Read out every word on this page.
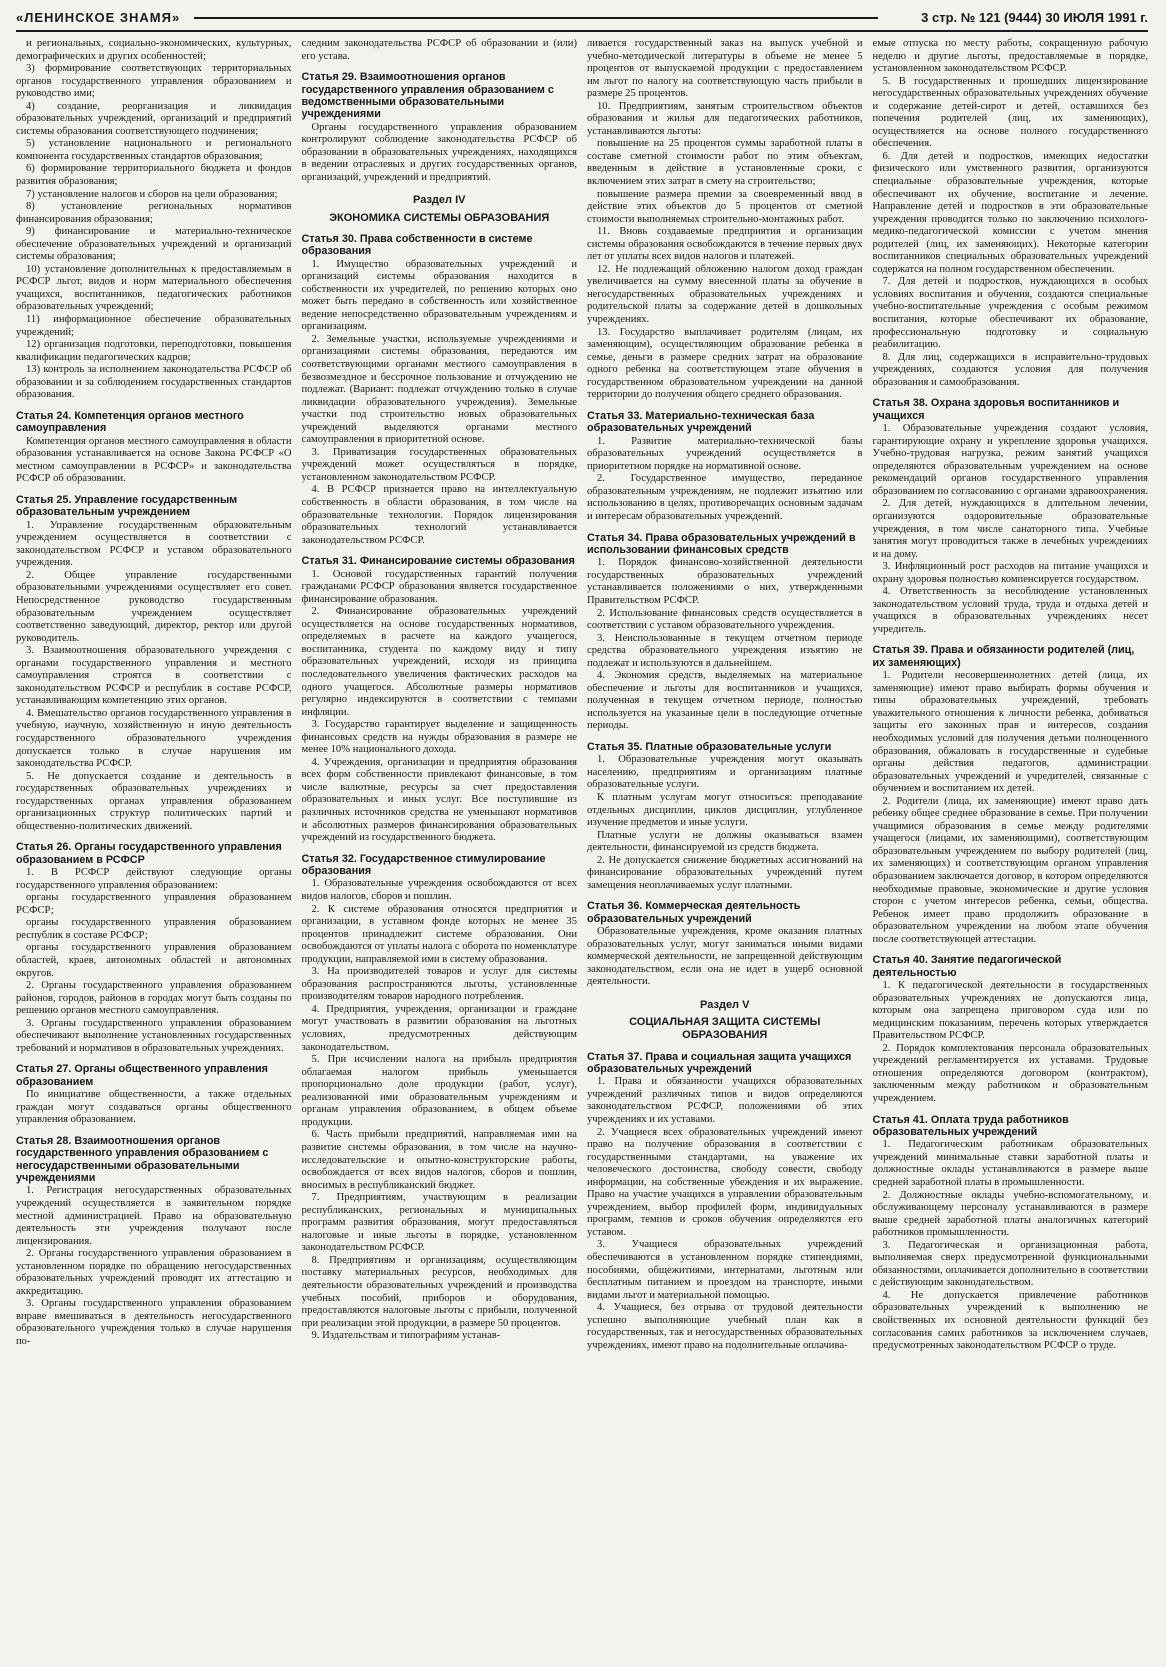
«ЛЕНИНСКОЕ ЗНАМЯ»	3 стр. № 121 (9444) 30 ИЮЛЯ 1991 г.

и региональных, социально-экономических, культурных, демографических и других особенностей;

3) формирование соответствующих территориальных органов государственного управления образованием и руководство ими;

4) создание, реорганизация и ликвидация образовательных учреждений, организаций и предприятий системы образования соответствующего подчинения;

5) установление национального и регионального компонента государственных стандартов образования;

6) формирование территориального бюджета и фондов развития образования;

7) установление налогов и сборов на цели образования;

8) установление региональных нормативов финансирования образования;

9) финансирование и материально-техническое обеспечение образовательных учреждений и организаций системы образования;

10) установление дополнительных к предоставляемым в РСФСР льгот, видов и норм материального обеспечения учащихся, воспитанников, педагогических работников образовательных учреждений;

11) информационное обеспечение образовательных учреждений;

12) организация подготовки, переподготовки, повышения квалификации педагогических кадров;

13) контроль за исполнением законодательства РСФСР об образовании и за соблюдением государственных стандартов образования.

Статья 24. Компетенция органов местного самоуправления

Компетенция органов местного самоуправления в области образования устанавливается на основе Закона РСФСР «О местном самоуправлении в РСФСР» и законодательства РСФСР об образовании.

Статья 25. Управление государственным образовательным учреждением

1. Управление государственным образовательным учреждением осуществляется в соответствии с законодательством РСФСР и уставом образовательного учреждения.

2. Общее управление государственными образовательными учреждениями осуществляет его совет. Непосредственное руководство государственным образовательным учреждением осуществляет соответственно заведующий, директор, ректор или другой руководитель.

3. Взаимоотношения образовательного учреждения с органами государственного управления и местного самоуправления строятся в соответствии с законодательством РСФСР и республик в составе РСФСР, устанавливающим компетенцию этих органов.

4. Вмешательство органов государственного управления в учебную, научную, хозяйственную и иную деятельность государственного образовательного учреждения допускается только в случае нарушения им законодательства РСФСР.

5. Не допускается создание и деятельность в государственных образовательных учреждениях и государственных органах управления образованием организационных структур политических партий и общественно-политических движений.

Статья 26. Органы государственного управления образованием в РСФСР

1. В РСФСР действуют следующие органы государственного управления образованием:

органы государственного управления образованием РСФСР;

органы государственного управления образованием республик в составе РСФСР;

органы государственного управления образованием областей, краев, автономных областей и автономных округов.

2. Органы государственного управления образованием районов, городов, районов в городах могут быть созданы по решению органов местного самоуправления.

3. Органы государственного управления образованием обеспечивают выполнение установленных государственных требований и нормативов в образовательных учреждениях.

Статья 27. Органы общественного управления образованием

По инициативе общественности, а также отдельных граждан могут создаваться органы общественного управления образованием.

Статья 28. Взаимоотношения органов государственного управления образованием с негосударственными образовательными учреждениями

1. Регистрация негосударственных образовательных учреждений осуществляется в заявительном порядке местной администрацией. Право на образовательную деятельность эти учреждения получают после лицензирования.

2. Органы государственного управления образованием в установленном порядке по обращению негосударственных образовательных учреждений проводят их аттестацию и аккредитацию.

3. Органы государственного управления образованием вправе вмешиваться в деятельность негосударственного образовательного учреждения только в случае нарушения по-

следним законодательства РСФСР об образовании и (или) его устава.

Статья 29. Взаимоотношения органов государственного управления образованием с ведомственными образовательными учреждениями

Органы государственного управления образованием контролируют соблюдение законодательства РСФСР об образовании в образовательных учреждениях, находящихся в ведении отраслевых и других государственных органов, организаций, учреждений и предприятий.

Раздел IV
ЭКОНОМИКА СИСТЕМЫ ОБРАЗОВАНИЯ
Статья 30. Права собственности в системе образования

1. Имущество образовательных учреждений и организаций системы образования находится в собственности их учредителей, по решению которых оно может быть передано в собственность или хозяйственное ведение непосредственно образовательным учреждениям и организациям.

2. Земельные участки, используемые учреждениями и организациями системы образования, передаются им соответствующими органами местного самоуправления в безвозмездное и бессрочное пользование и отчуждению не подлежат. (Вариант: подлежат отчуждению только в случае ликвидации образовательного учреждения). Земельные участки под строительство новых образовательных учреждений выделяются органами местного самоуправления в приоритетной основе.

3. Приватизация государственных образовательных учреждений может осуществляться в порядке, установленном законодательством РСФСР.

4. В РСФСР признается право на интеллектуальную собственность в области образования, в том числе на образовательные технологии. Порядок лицензирования образовательных технологий устанавливается законодательством РСФСР.

Статья 31. Финансирование системы образования

1. Основой государственных гарантий получения гражданами РСФСР образования является государственное финансирование образования.

2. Финансирование образовательных учреждений осуществляется на основе государственных нормативов, определяемых в расчете на каждого учащегося, воспитанника, студента по каждому виду и типу образовательных учреждений, исходя из принципа последовательного увеличения фактических расходов на одного учащегося. Абсолютные размеры нормативов регулярно индексируются в соответствии с темпами инфляции.

3. Государство гарантирует выделение и защищенность финансовых средств на нужды образования в размере не менее 10% национального дохода.

4. Учреждения, организации и предприятия образования всех форм собственности привлекают финансовые, в том числе валютные, ресурсы за счет предоставления образовательных и иных услуг. Все поступившие из различных источников средства не уменьшают нормативов и абсолютных размеров финансирования образовательных учреждений из государственного бюджета.

Статья 32. Государственное стимулирование образования

1. Образовательные учреждения освобождаются от всех видов налогов, сборов и пошлин.

2. К системе образования относятся предприятия и организации, в уставном фонде которых не менее 35 процентов принадлежит системе образования. Они освобождаются от уплаты налога с оборота по номенклатуре продукции, направляемой ими в систему образования.

3. На производителей товаров и услуг для системы образования распространяются льготы, установленные производителям товаров народного потребления.

4. Предприятия, учреждения, организации и граждане могут участвовать в развитии образования на льготных условиях, предусмотренных действующим законодательством.

5. При исчислении налога на прибыль предприятия облагаемая налогом прибыль уменьшается пропорционально доле продукции (работ, услуг), реализованной ими образовательным учреждениям и органам управления образованием, в общем объеме продукции.

6. Часть прибыли предприятий, направляемая ими на развитие системы образования, в том числе на научно-исследовательские и опытно-конструкторские работы, освобождается от всех видов налогов, сборов и пошлин, вносимых в республиканский бюджет.

7. Предприятиям, участвующим в реализации республиканских, региональных и муниципальных программ развития образования, могут предоставляться налоговые и иные льготы в порядке, установленном законодательством РСФСР.

8. Предприятиям и организациям, осуществляющим поставку материальных ресурсов, необходимых для деятельности образовательных учреждений и производства учебных пособий, приборов и оборудования, предоставляются налоговые льготы с прибыли, полученной при реализации этой продукции, в размере 50 процентов.

9. Издательствам и типографиям устанав-

ливается государственный заказ на выпуск учебной и учебно-методической литературы в объеме не менее 5 процентов от выпускаемой продукции с предоставлением им льгот по налогу на соответствующую часть прибыли в размере 25 процентов.

10. Предприятиям, занятым строительством объектов образования и жилья для педагогических работников, устанавливаются льготы:

повышение на 25 процентов суммы заработной платы в составе сметной стоимости работ по этим объектам, введенным в действие в установленные сроки, с включением этих затрат в смету на строительство;

повышение размера премии за своевременный ввод в действие этих объектов до 5 процентов от сметной стоимости выполняемых строительно-монтажных работ.

11. Вновь создаваемые предприятия и организации системы образования освобождаются в течение первых двух лет от уплаты всех видов налогов и платежей.

12. Не подлежащий обложению налогом доход граждан увеличивается на сумму внесенной платы за обучение в негосударственных образовательных учреждениях и родительской платы за содержание детей в дошкольных учреждениях.

13. Государство выплачивает родителям (лицам, их заменяющим), осуществляющим образование ребенка в семье, деньги в размере средних затрат на образование одного ребенка на соответствующем этапе обучения в государственном образовательном учреждении на данной территории до получения общего среднего образования.

Статья 33. Материально-техническая база образовательных учреждений

1. Развитие материально-технической базы образовательных учреждений осуществляется в приоритетном порядке на нормативной основе.

2. Государственное имущество, переданное образовательным учреждениям, не подлежит изъятию или использованию в целях, противоречащих основным задачам и интересам образовательных учреждений.

Статья 34. Права образовательных учреждений в использовании финансовых средств

1. Порядок финансово-хозяйственной деятельности государственных образовательных учреждений устанавливается положениями о них, утвержденными Правительством РСФСР.

2. Использование финансовых средств осуществляется в соответствии с уставом образовательного учреждения.

3. Неиспользованные в текущем отчетном периоде средства образовательного учреждения изъятию не подлежат и используются в дальнейшем.

4. Экономия средств, выделяемых на материальное обеспечение и льготы для воспитанников и учащихся, полученная в текущем отчетном периоде, полностью используется на указанные цели в последующие отчетные периоды.

Статья 35. Платные образовательные услуги

1. Образовательные учреждения могут оказывать населению, предприятиям и организациям платные образовательные услуги.

К платным услугам могут относиться: преподавание отдельных дисциплин, циклов дисциплин, углубленное изучение предметов и иные услуги.

Платные услуги не должны оказываться взамен деятельности, финансируемой из средств бюджета.

2. Не допускается снижение бюджетных ассигнований на финансирование образовательных учреждений путем замещения неоплачиваемых услуг платными.

Статья 36. Коммерческая деятельность образовательных учреждений

Образовательные учреждения, кроме оказания платных образовательных услуг, могут заниматься иными видами коммерческой деятельности, не запрещенной действующим законодательством, если она не идет в ущерб основной деятельности.

Раздел V
СОЦИАЛЬНАЯ ЗАЩИТА СИСТЕМЫ ОБРАЗОВАНИЯ
Статья 37. Права и социальная защита учащихся образовательных учреждений

1. Права и обязанности учащихся образовательных учреждений различных типов и видов определяются законодательством РСФСР, положениями об этих учреждениях и их уставами.

2. Учащиеся всех образовательных учреждений имеют право на получение образования в соответствии с государственными стандартами, на уважение их человеческого достоинства, свободу совести, свободу информации, на собственные убеждения и их выражение. Право на участие учащихся в управлении образовательным учреждением, выбор профилей форм, индивидуальных программ, темпов и сроков обучения определяются его уставом.

3. Учащиеся образовательных учреждений обеспечиваются в установленном порядке стипендиями, пособиями, общежитиями, интернатами, льготным или бесплатным питанием и проездом на транспорте, иными видами льгот и материальной помощью.

4. Учащиеся, без отрыва от трудовой деятельности успешно выполняющие учебный план как в государственных, так и негосударственных образовательных учреждениях, имеют право на подолнительные оплачива-

емые отпуска по месту работы, сокращенную рабочую неделю и другие льготы, предоставляемые в порядке, установленном законодательством РСФСР.

5. В государственных и прошедших лицензирование негосударственных образовательных учреждениях обучение и содержание детей-сирот и детей, оставшихся без попечения родителей (лиц, их заменяющих), осуществляется на основе полного государственного обеспечения.

6. Для детей и подростков, имеющих недостатки физического или умственного развития, организуются специальные образовательные учреждения, которые обеспечивают их обучение, воспитание и лечение. Направление детей и подростков в эти образовательные учреждения проводится только по заключению психолого-медико-педагогической комиссии с учетом мнения родителей (лиц, их заменяющих). Некоторые категории воспитанников специальных образовательных учреждений содержатся на полном государственном обеспечении.

7. Для детей и подростков, нуждающихся в особых условиях воспитания и обучения, создаются специальные учебно-воспитательные учреждения с особым режимом воспитания, которые обеспечивают их образование, профессиональную подготовку и социальную реабилитацию.

8. Для лиц, содержащихся в исправительно-трудовых учреждениях, создаются условия для получения образования и самообразования.

Статья 38. Охрана здоровья воспитанников и учащихся

1. Образовательные учреждения создают условия, гарантирующие охрану и укрепление здоровья учащихся. Учебно-трудовая нагрузка, режим занятий учащихся определяются образовательным учреждением на основе рекомендаций органов государственного управления образованием по согласованию с органами здравоохранения.

2. Для детей, нуждающихся в длительном лечении, организуются оздоровительные образовательные учреждения, в том числе санаторного типа. Учебные занятия могут проводиться также в лечебных учреждениях и на дому.

3. Инфляционный рост расходов на питание учащихся и охрану здоровья полностью компенсируется государством.

4. Ответственность за несоблюдение установленных законодательством условий труда, труда и отдыха детей и учащихся в образовательных учреждениях несет учредитель.

Статья 39. Права и обязанности родителей (лиц, их заменяющих)

1. Родители несовершеннолетних детей (лица, их заменяющие) имеют право выбирать формы обучения и типы образовательных учреждений, требовать уважительного отношения к личности ребенка, добиваться защиты его законных прав и интересов, создания необходимых условий для получения детьми полноценного образования, обжаловать в государственные и судебные органы действия педагогов, администрации образовательных учреждений и учредителей, связанные с обучением и воспитанием их детей.

2. Родители (лица, их заменяющие) имеют право дать ребенку общее среднее образование в семье. При получении учащимися образования в семье между родителями учащегося (лицами, их заменяющими), соответствующим образовательным учреждением по выбору родителей (лиц, их заменяющих) и соответствующим органом управления образованием заключается договор, в котором определяются необходимые правовые, экономические и другие условия сторон с учетом интересов ребенка, семьи, общества. Ребенок имеет право продолжить образование в образовательном учреждении на любом этапе обучения после соответствующей аттестации.

Статья 40. Занятие педагогической деятельностью

1. К педагогической деятельности в государственных образовательных учреждениях не допускаются лица, которым она запрещена приговором суда или по медицинским показаниям, перечень которых утверждается Правительством РСФСР.

2. Порядок комплектования персонала образовательных учреждений регламентируется их уставами. Трудовые отношения определяются договором (контрактом), заключенным между работником и образовательным учреждением.

Статья 41. Оплата труда работников образовательных учреждений

1. Педагогическим работникам образовательных учреждений минимальные ставки заработной платы и должностные оклады устанавливаются в размере выше средней заработной платы в промышленности.

2. Должностные оклады учебно-вспомогательному, и обслуживающему персоналу устанавливаются в размере выше средней заработной платы аналогичных категорий работников промышленности.

3. Педагогическая и организационная работа, выполняемая сверх предусмотренной функциональными обязанностями, оплачивается дополнительно в соответствии с действующим законодательством.

4. Не допускается привлечение работников образовательных учреждений к выполнению не свойственных их основной деятельности функций без согласования самих работников за исключением случаев, предусмотренных законодательством РСФСР о труде.
